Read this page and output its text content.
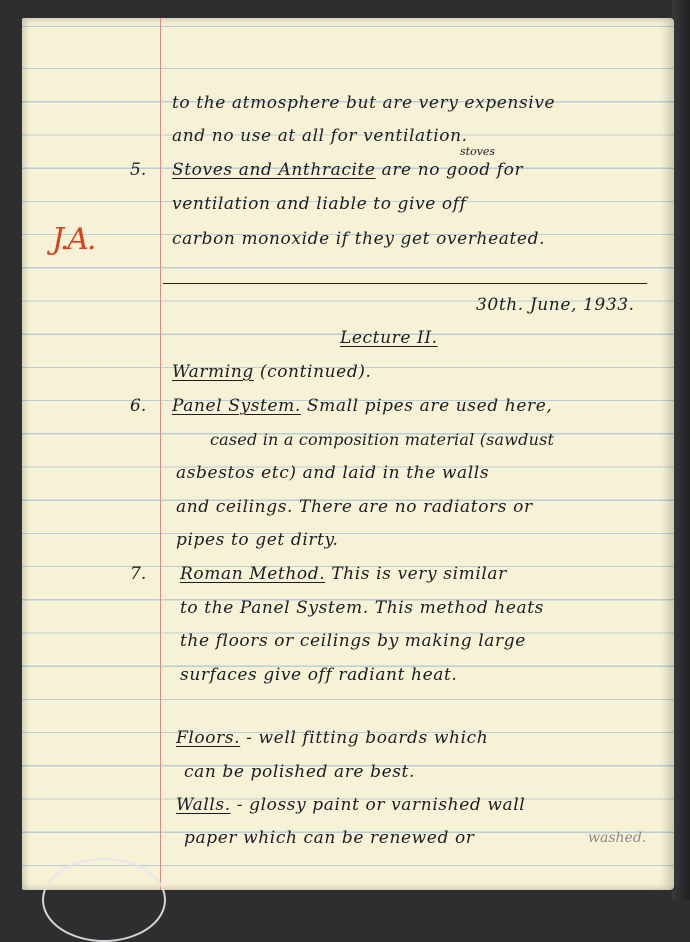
J.A.
to the atmosphere but are very expensive
and no use at all for ventilation.
5.
stoves
Stoves and Anthracite are no good for
ventilation and liable to give off
carbon monoxide if they get overheated.
30th. June, 1933.
Lecture II.
Warming (continued).
6. Panel System. Small pipes are used here,
cased in a composition material (sawdust
asbestos etc) and laid in the walls
and ceilings. There are no radiators or
pipes to get dirty.
7. Roman Method. This is very similar
to the Panel System. This method heats
the floors or ceilings by making large
surfaces give off radiant heat.
Floors. - well fitting boards which
can be polished are best.
Walls. - glossy paint or varnished wall
paper which can be renewed or	washed.
